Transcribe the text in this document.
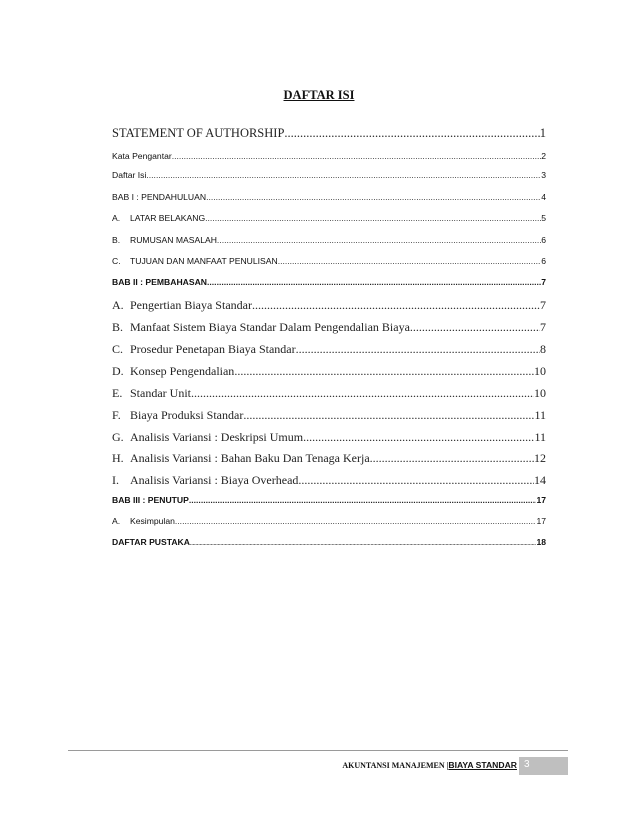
DAFTAR ISI
STATEMENT OF AUTHORSHIP .....	1
Kata Pengantar .....	2
Daftar Isi .....	3
BAB I : PENDAHULUAN .....	4
A.	LATAR BELAKANG .....	5
B.	RUMUSAN MASALAH .....	6
C.	TUJUAN DAN MANFAAT PENULISAN .....	6
BAB II : PEMBAHASAN .....	7
A. Pengertian Biaya Standar .....	7
B. Manfaat Sistem Biaya Standar Dalam Pengendalian Biaya .....	7
C. Prosedur Penetapan Biaya Standar .....	8
D. Konsep Pengendalian .....	10
E. Standar Unit .....	10
F. Biaya Produksi Standar .....	11
G. Analisis Variansi : Deskripsi Umum .....	11
H. Analisis Variansi : Bahan Baku Dan Tenaga Kerja .....	12
I. Analisis Variansi : Biaya Overhead .....	14
BAB III : PENUTUP .....	17
A.	Kesimpulan .....	17
DAFTAR PUSTAKA .....	18
AKUNTANSI MANAJEMEN |BIAYA STANDAR 3
